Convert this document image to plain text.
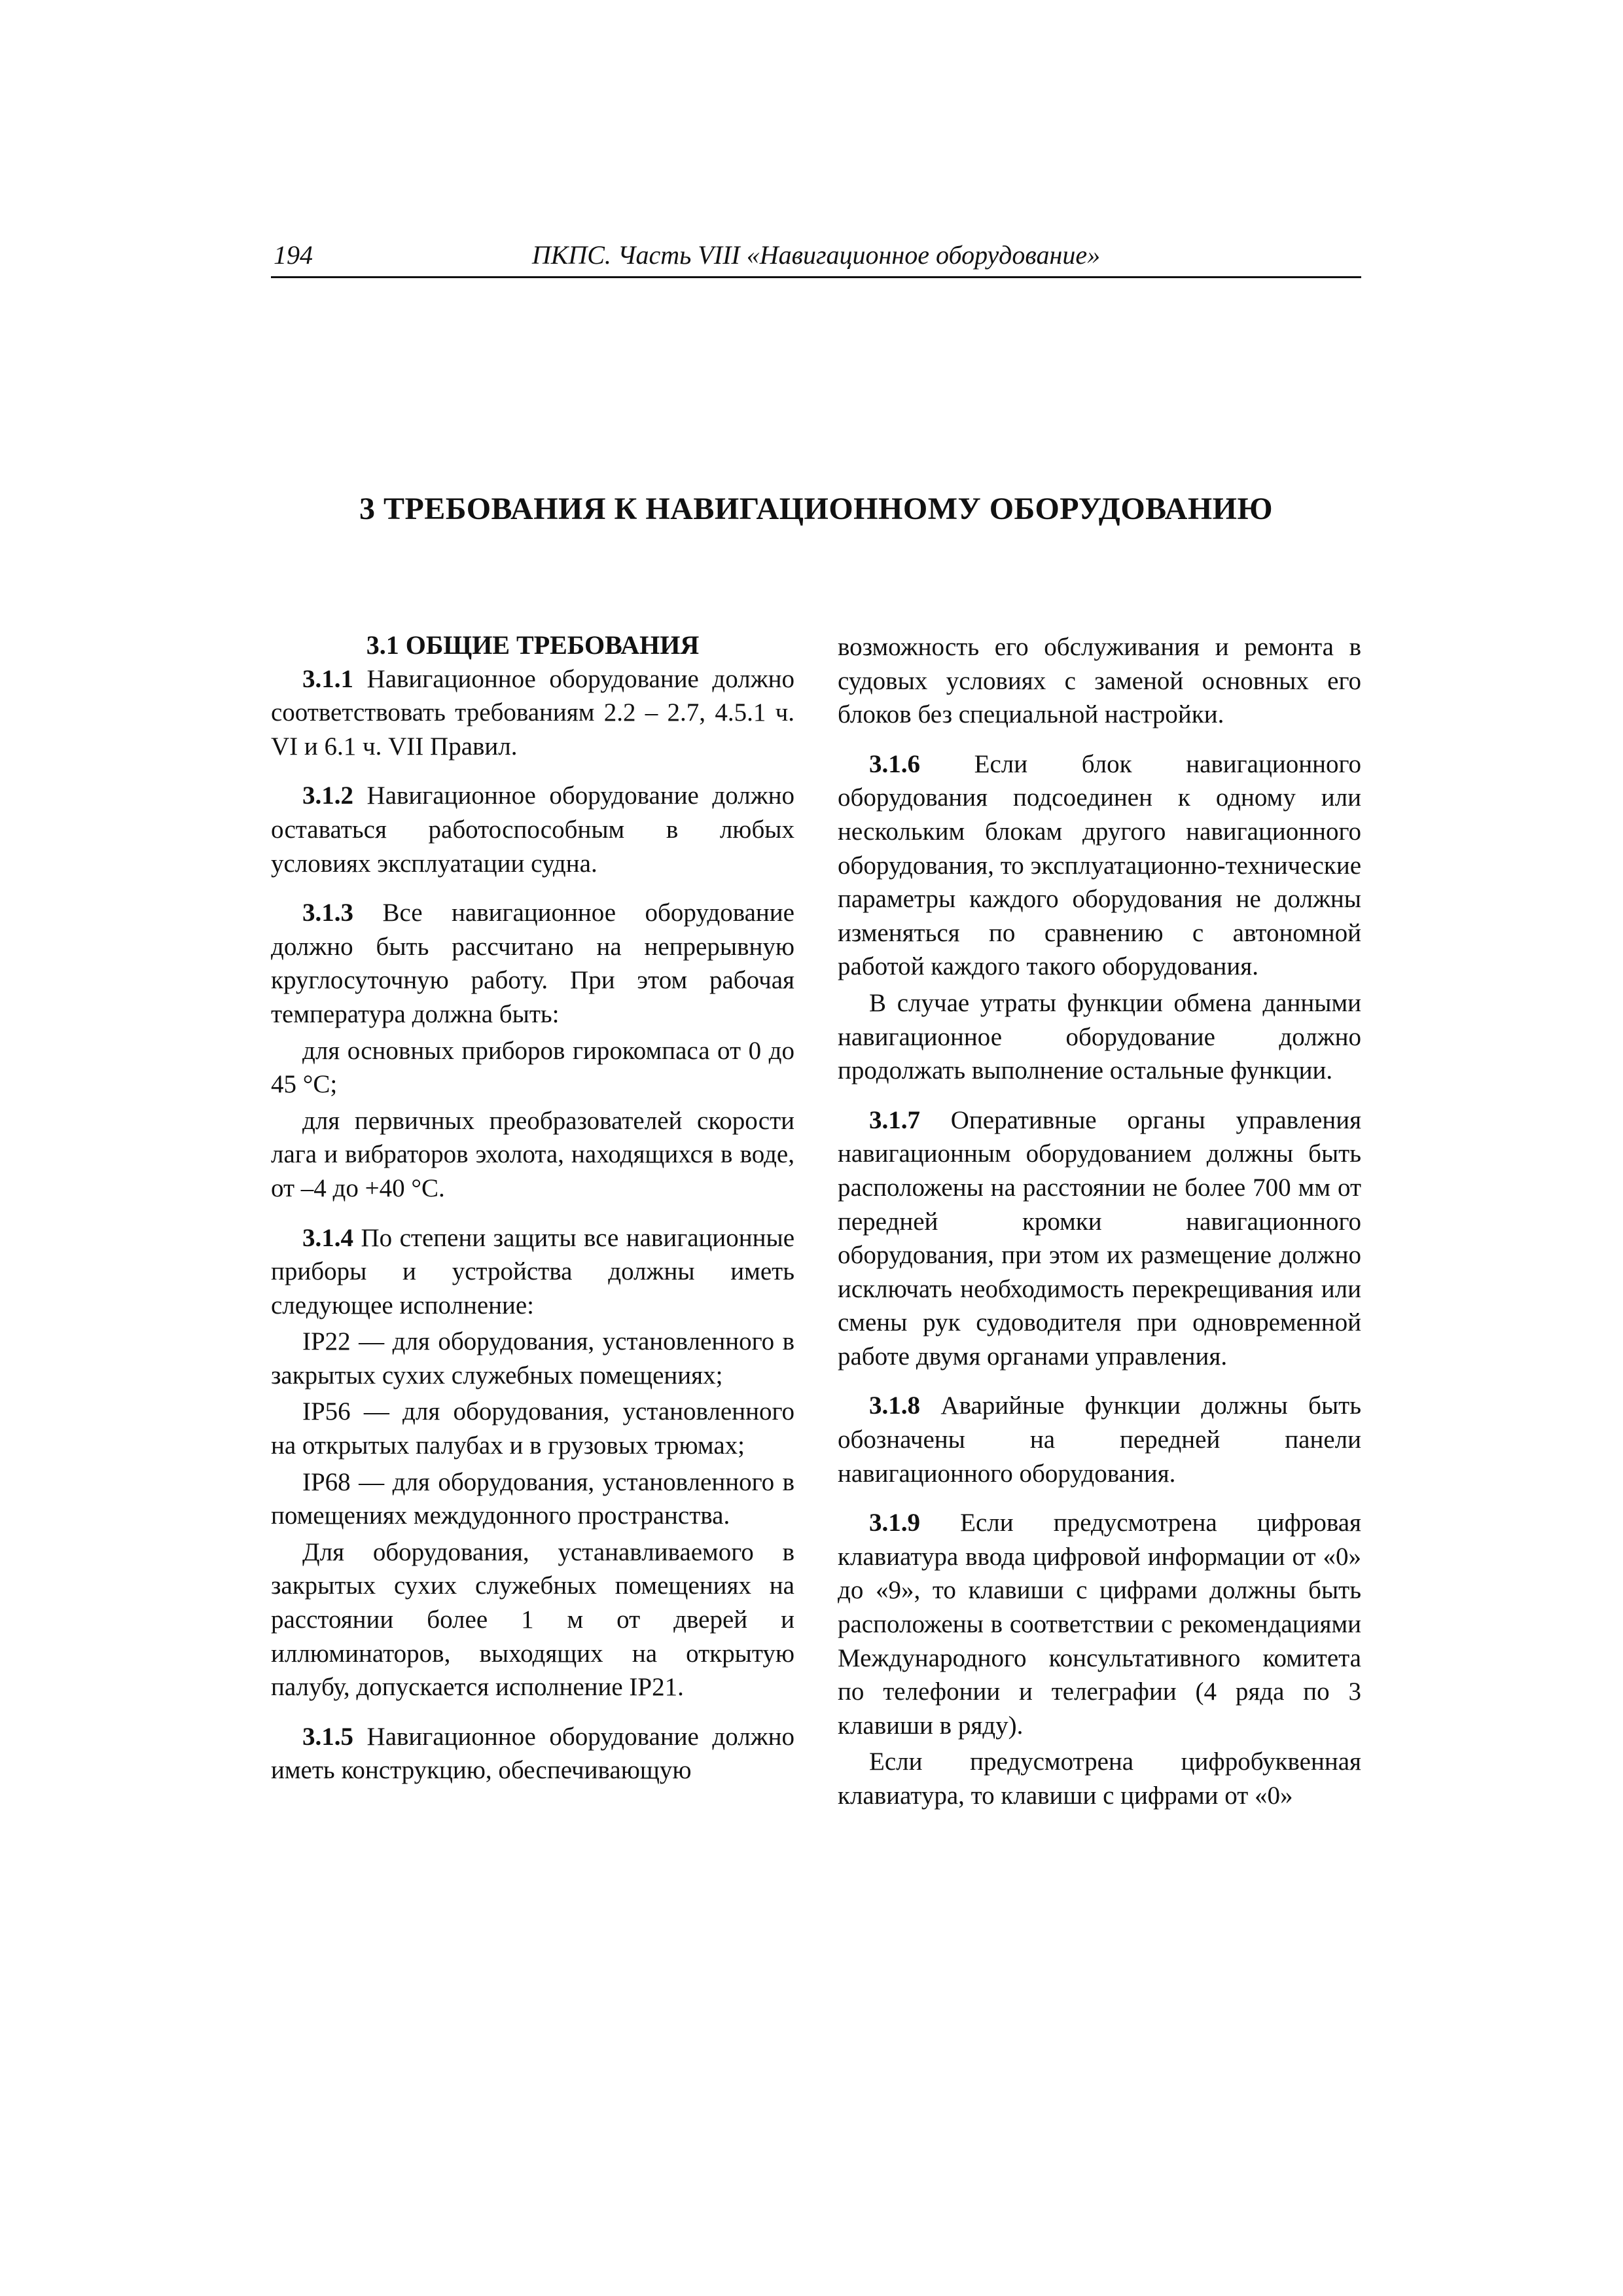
194	ПКПС. Часть VIII «Навигационное оборудование»
3 ТРЕБОВАНИЯ К НАВИГАЦИОННОМУ ОБОРУДОВАНИЮ

3.1 ОБЩИЕ ТРЕБОВАНИЯ

3.1.1 Навигационное оборудование должно соответствовать требованиям 2.2 – 2.7, 4.5.1 ч. VI и 6.1 ч. VII Правил.

3.1.2 Навигационное оборудование должно оставаться работоспособным в любых условиях эксплуатации судна.

3.1.3 Все навигационное оборудование должно быть рассчитано на непрерывную круглосуточную работу. При этом рабочая температура должна быть:

для основных приборов гирокомпаса от 0 до 45 °С;

для первичных преобразователей скорости лага и вибраторов эхолота, находящихся в воде, от –4 до +40 °С.

3.1.4 По степени защиты все навигационные приборы и устройства должны иметь следующее исполнение:

IP22 — для оборудования, установленного в закрытых сухих служебных помещениях;

IP56 — для оборудования, установленного на открытых палубах и в грузовых трюмах;

IP68 — для оборудования, установленного в помещениях междудонного пространства.

Для оборудования, устанавливаемого в закрытых сухих служебных помещениях на расстоянии более 1 м от дверей и иллюминаторов, выходящих на открытую палубу, допускается исполнение IP21.

3.1.5 Навигационное оборудование должно иметь конструкцию, обеспечивающую

возможность его обслуживания и ремонта в судовых условиях с заменой основных его блоков без специальной настройки.

3.1.6 Если блок навигационного оборудования подсоединен к одному или нескольким блокам другого навигационного оборудования, то эксплуатационно-технические параметры каждого оборудования не должны изменяться по сравнению с автономной работой каждого такого оборудования.

В случае утраты функции обмена данными навигационное оборудование должно продолжать выполнение остальные функции.

3.1.7 Оперативные органы управления навигационным оборудованием должны быть расположены на расстоянии не более 700 мм от передней кромки навигационного оборудования, при этом их размещение должно исключать необходимость перекрещивания или смены рук судоводителя при одновременной работе двумя органами управления.

3.1.8 Аварийные функции должны быть обозначены на передней панели навигационного оборудования.

3.1.9 Если предусмотрена цифровая клавиатура ввода цифровой информации от «0» до «9», то клавиши с цифрами должны быть расположены в соответствии с рекомендациями Международного консультативного комитета по телефонии и телеграфии (4 ряда по 3 клавиши в ряду).

Если предусмотрена цифробуквенная клавиатура, то клавиши с цифрами от «0»
